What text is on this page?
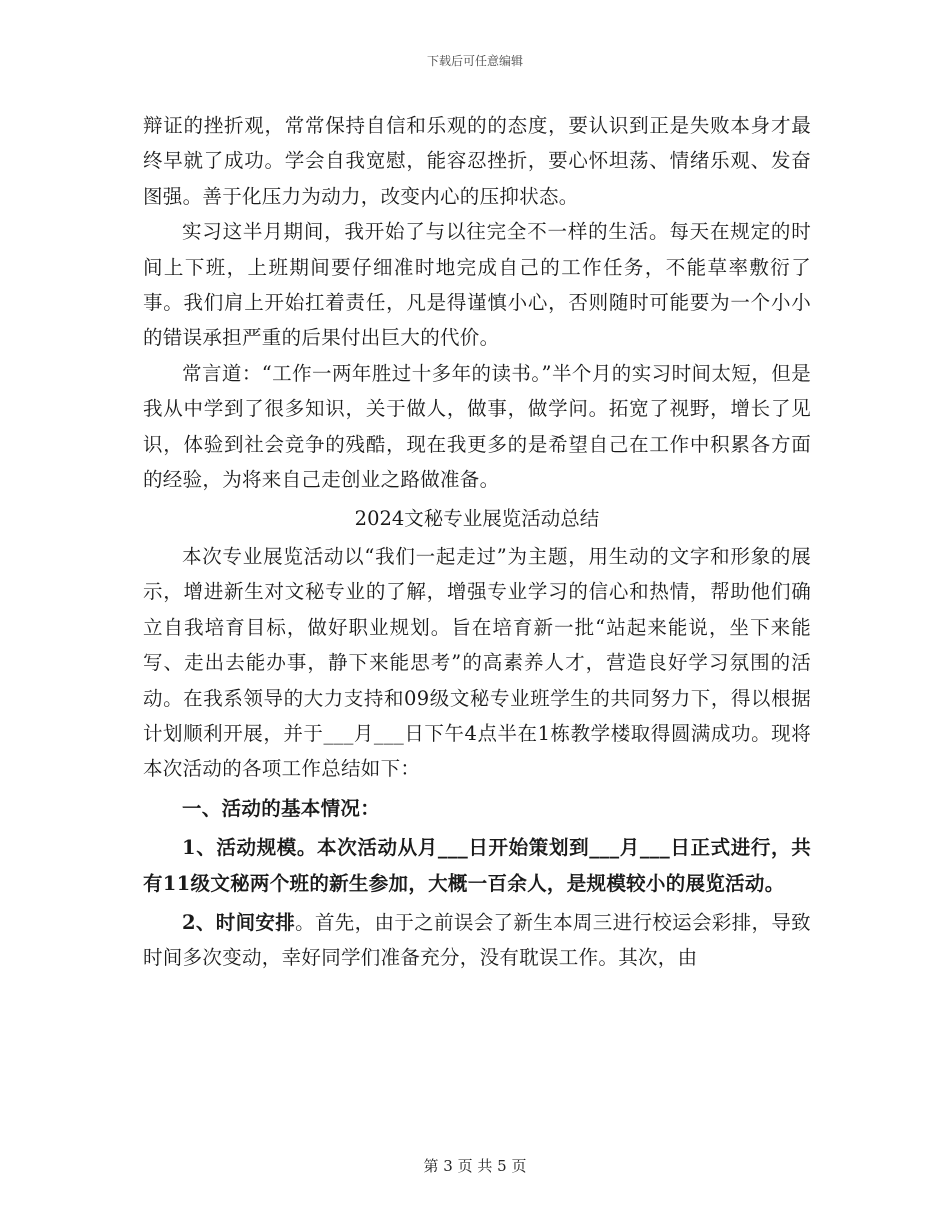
下载后可任意编辑

辩证的挫折观，常常保持自信和乐观的的态度，要认识到正是失败本身才最终早就了成功。学会自我宽慰，能容忍挫折，要心怀坦荡、情绪乐观、发奋图强。善于化压力为动力，改变内心的压抑状态。

实习这半月期间，我开始了与以往完全不一样的生活。每天在规定的时间上下班，上班期间要仔细准时地完成自己的工作任务，不能草率敷衍了事。我们肩上开始扛着责任，凡是得谨慎小心，否则随时可能要为一个小小的错误承担严重的后果付出巨大的代价。

常言道：“工作一两年胜过十多年的读书。”半个月的实习时间太短，但是我从中学到了很多知识，关于做人，做事，做学问。拓宽了视野，增长了见识，体验到社会竞争的残酷，现在我更多的是希望自己在工作中积累各方面的经验，为将来自己走创业之路做准备。

2024文秘专业展览活动总结

本次专业展览活动以“我们一起走过”为主题，用生动的文字和形象的展示，增进新生对文秘专业的了解，增强专业学习的信心和热情，帮助他们确立自我培育目标，做好职业规划。旨在培育新一批“站起来能说，坐下来能写、走出去能办事，静下来能思考”的高素养人才，营造良好学习氛围的活动。在我系领导的大力支持和09级文秘专业班学生的共同努力下，得以根据计划顺利开展，并于___月___日下午4点半在1栋教学楼取得圆满成功。现将本次活动的各项工作总结如下：

一、活动的基本情况：

1、活动规模。本次活动从月___日开始策划到___月___日正式进行，共有11级文秘两个班的新生参加，大概一百余人，是规模较小的展览活动。

2、时间安排。首先，由于之前误会了新生本周三进行校运会彩排，导致时间多次变动，幸好同学们准备充分，没有耽误工作。其次，由

第 3 页 共 5 页
